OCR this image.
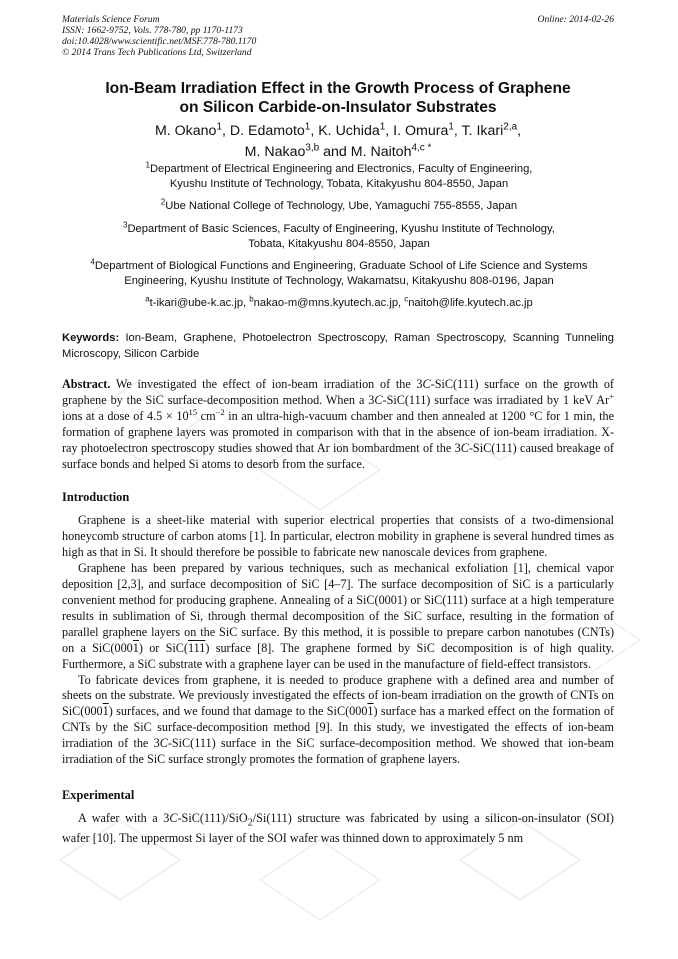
Materials Science Forum
ISSN: 1662-9752, Vols. 778-780, pp 1170-1173
doi:10.4028/www.scientific.net/MSF.778-780.1170
© 2014 Trans Tech Publications Ltd, Switzerland
Online: 2014-02-26
Ion-Beam Irradiation Effect in the Growth Process of Graphene
on Silicon Carbide-on-Insulator Substrates
M. Okano$^1$, D. Edamoto$^1$, K. Uchida$^1$, I. Omura$^1$, T. Ikari$^{2,a}$,
M. Nakao$^{3,b}$ and M. Naitoh$^{4,c *}$
$^1$Department of Electrical Engineering and Electronics, Faculty of Engineering,
Kyushu Institute of Technology, Tobata, Kitakyushu 804-8550, Japan
$^2$Ube National College of Technology, Ube, Yamaguchi 755-8555, Japan
$^3$Department of Basic Sciences, Faculty of Engineering, Kyushu Institute of Technology,
Tobata, Kitakyushu 804-8550, Japan
$^4$Department of Biological Functions and Engineering, Graduate School of Life Science and Systems
Engineering, Kyushu Institute of Technology, Wakamatsu, Kitakyushu 808-0196, Japan
$^a$t-ikari@ube-k.ac.jp, $^b$nakao-m@mns.kyutech.ac.jp, $^c$naitoh@life.kyutech.ac.jp
Keywords: Ion-Beam, Graphene, Photoelectron Spectroscopy, Raman Spectroscopy, Scanning Tunneling Microscopy, Silicon Carbide

Abstract. We investigated the effect of ion-beam irradiation of the 3C-SiC(111) surface on the growth of graphene by the SiC surface-decomposition method. When a 3C-SiC(111) surface was irradiated by 1 keV Ar+ ions at a dose of $4.5 \times 10^{15}$ $cm^{-2}$ in an ultra-high-vacuum chamber and then annealed at 1200 °C for 1 min, the formation of graphene layers was promoted in comparison with that in the absence of ion-beam irradiation. X-ray photoelectron spectroscopy studies showed that Ar ion bombardment of the 3C-SiC(111) caused breakage of surface bonds and helped Si atoms to desorb from the surface.

Introduction

Graphene is a sheet-like material with superior electrical properties that consists of a two-dimensional honeycomb structure of carbon atoms [1]. In particular, electron mobility in graphene is several hundred times as high as that in Si. It should therefore be possible to fabricate new nanoscale devices from graphene.

Graphene has been prepared by various techniques, such as mechanical exfoliation [1], chemical vapor deposition [2,3], and surface decomposition of SiC [4–7]. The surface decomposition of SiC is a particularly convenient method for producing graphene. Annealing of a SiC(0001) or SiC(111) surface at a high temperature results in sublimation of Si, through thermal decomposition of the SiC surface, resulting in the formation of parallel graphene layers on the SiC surface. By this method, it is possible to prepare carbon nanotubes (CNTs) on a SiC(0001) or SiC(111) surface [8]. The graphene formed by SiC decomposition is of high quality. Furthermore, a SiC substrate with a graphene layer can be used in the manufacture of field-effect transistors.

To fabricate devices from graphene, it is needed to produce graphene with a defined area and number of sheets on the substrate. We previously investigated the effects of ion-beam irradiation on the growth of CNTs on SiC(0001) surfaces, and we found that damage to the SiC(0001) surface has a marked effect on the formation of CNTs by the SiC surface-decomposition method [9]. In this study, we investigated the effects of ion-beam irradiation of the 3C-SiC(111) surface in the SiC surface-decomposition method. We showed that ion-beam irradiation of the SiC surface strongly promotes the formation of graphene layers.

Experimental

A wafer with a 3C-SiC(111)/SiO$_2$/Si(111) structure was fabricated by using a silicon-on-insulator (SOI) wafer [10]. The uppermost Si layer of the SOI wafer was thinned down to approximately 5 nm
